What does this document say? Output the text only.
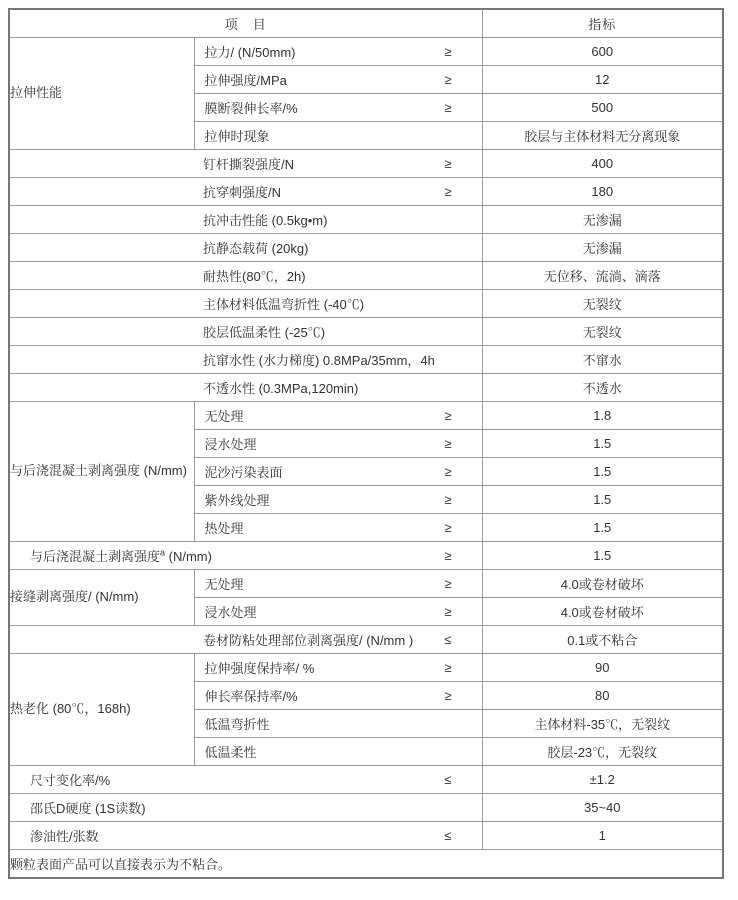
项　目		指标
拉伸性能	拉力/ (N/50mm) ≥	600

	拉伸强度/MPa ≥	12

	膜断裂伸长率/% ≥	500

	拉伸时现象	胶层与主体材料无分离现象

钉杆撕裂强度/N ≥		400

抗穿刺强度/N ≥		180

抗冲击性能 (0.5kg•m)		无渗漏

抗静态载荷 (20kg)		无渗漏

耐热性(80℃，2h)		无位移、流淌、滴落

主体材料低温弯折性 (-40℃)		无裂纹

胶层低温柔性 (-25℃)		无裂纹

抗窜水性 (水力梯度) 0.8MPa/35mm，4h		不窜水

不透水性 (0.3MPa,120min)		不透水
与后浇混凝土剥离强度 (N/mm)	无处理 ≥	1.8

	浸水处理 ≥	1.5

	泥沙污染表面 ≥	1.5

	紫外线处理 ≥	1.5

	热处理 ≥	1.5

与后浇混凝土剥离强度$^a$ (N/mm) ≥		1.5
接缝剥离强度/ (N/mm)	无处理 ≥	4.0或卷材破坏

	浸水处理 ≥	4.0或卷材破坏

卷材防粘处理部位剥离强度/ (N/mm ) ≤		0.1或不粘合
热老化 (80℃，168h)	拉伸强度保持率/ % ≥	90

	伸长率保持率/% ≥	80

	低温弯折性	主体材料-35℃，无裂纹

	低温柔性	胶层-23℃，无裂纹

尺寸变化率/% ≤		±1.2

邵氏D硬度 (1S读数)		35~40

渗油性/张数 ≤		1
颗粒表面产品可以直接表示为不粘合。		
